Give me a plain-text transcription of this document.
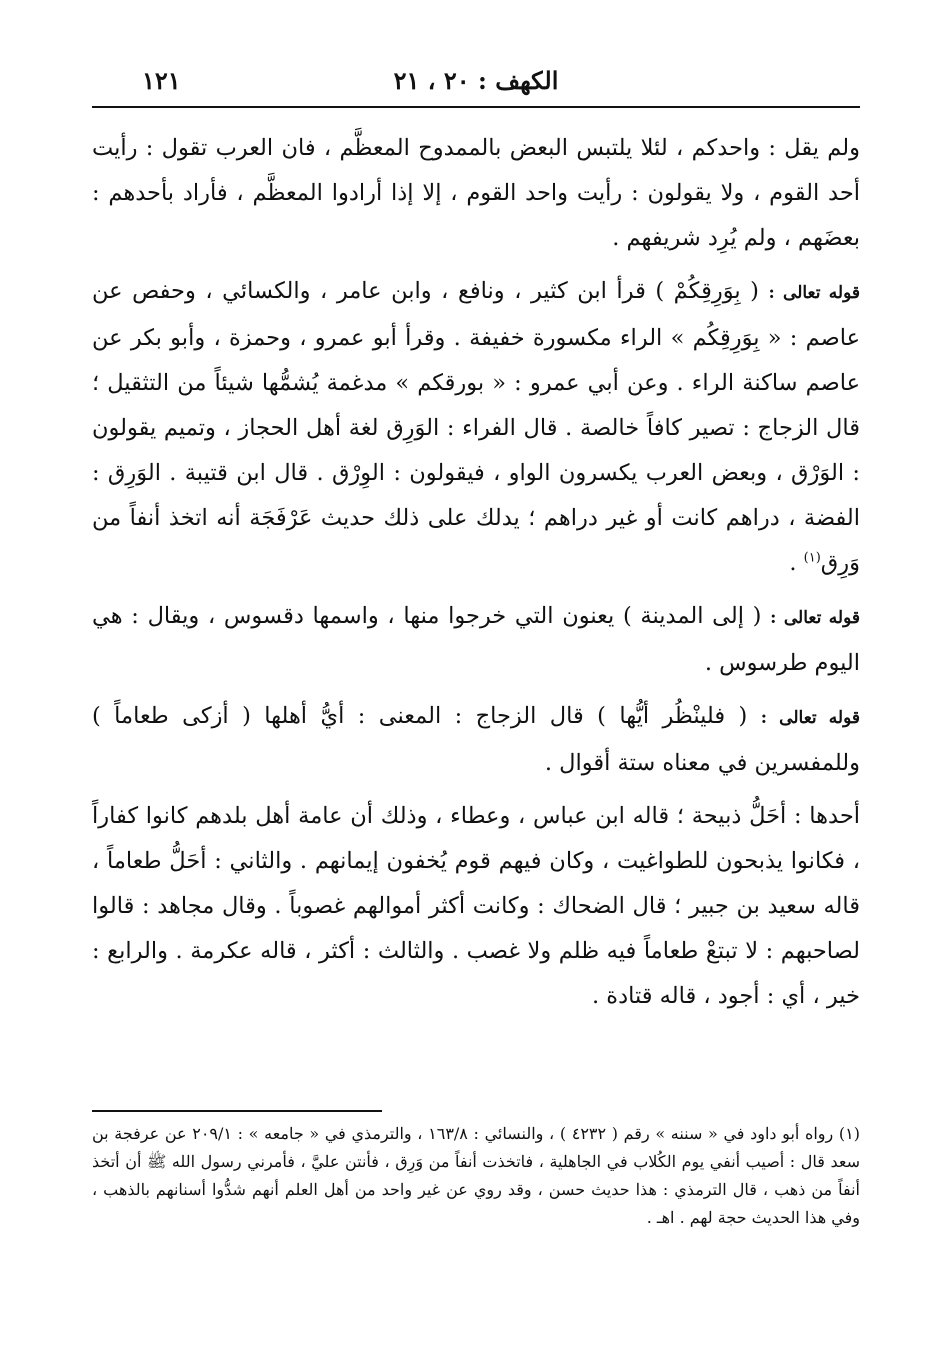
الكهف : ٢٠ ، ٢١
١٢١

ولم يقل : واحدكم ، لئلا يلتبس البعض بالممدوح المعظَّم ، فان العرب تقول : رأيت أحد القوم ، ولا يقولون : رأيت واحد القوم ، إلا إذا أرادوا المعظَّم ، فأراد بأحدهم : بعضَهم ، ولم يُرِد شريفهم .

قوله تعالى : ( بِوَرِقِكُمْ ) قرأ ابن كثير ، ونافع ، وابن عامر ، والكسائي ، وحفص عن عاصم : « بِوَرِقِكُم » الراء مكسورة خفيفة . وقرأ أبو عمرو ، وحمزة ، وأبو بكر عن عاصم ساكنة الراء . وعن أبي عمرو : « بورقكم » مدغمة يُشمُّها شيئاً من التثقيل ؛ قال الزجاج : تصير كافاً خالصة . قال الفراء : الوَرِق لغة أهل الحجاز ، وتميم يقولون : الوَرْق ، وبعض العرب يكسرون الواو ، فيقولون : الوِرْق . قال ابن قتيبة . الوَرِق : الفضة ، دراهم كانت أو غير دراهم ؛ يدلك على ذلك حديث عَرْفَجَة أنه اتخذ أنفاً من وَرِق$^{(١)}$ .

قوله تعالى : ( إلى المدينة ) يعنون التي خرجوا منها ، واسمها دقسوس ، ويقال : هي اليوم طرسوس .

قوله تعالى : ( فلينْظُر أيُّها ) قال الزجاج : المعنى : أيُّ أهلها ( أزكى طعاماً ) وللمفسرين في معناه ستة أقوال .

أحدها : أحَلُّ ذبيحة ؛ قاله ابن عباس ، وعطاء ، وذلك أن عامة أهل بلدهم كانوا كفاراً ، فكانوا يذبحون للطواغيت ، وكان فيهم قوم يُخفون إيمانهم . والثاني : أحَلُّ طعاماً ، قاله سعيد بن جبير ؛ قال الضحاك : وكانت أكثر أموالهم غصوباً . وقال مجاهد : قالوا لصاحبهم : لا تبتعْ طعاماً فيه ظلم ولا غصب . والثالث : أكثر ، قاله عكرمة . والرابع : خير ، أي : أجود ، قاله قتادة .

(١) رواه أبو داود في « سننه » رقم ( ٤٢٣٢ ) ، والنسائي : ١٦٣/٨ ، والترمذي في « جامعه » : ٢٠٩/١ عن عرفجة بن سعد قال : أصيب أنفي يوم الكُلاب في الجاهلية ، فاتخذت أنفاً من وَرِق ، فأنتن عليَّ ، فأمرني رسول الله ﷺ أن أتخذ أنفاً من ذهب ، قال الترمذي : هذا حديث حسن ، وقد روي عن غير واحد من أهل العلم أنهم شدُّوا أسنانهم بالذهب ، وفي هذا الحديث حجة لهم . اهـ .
